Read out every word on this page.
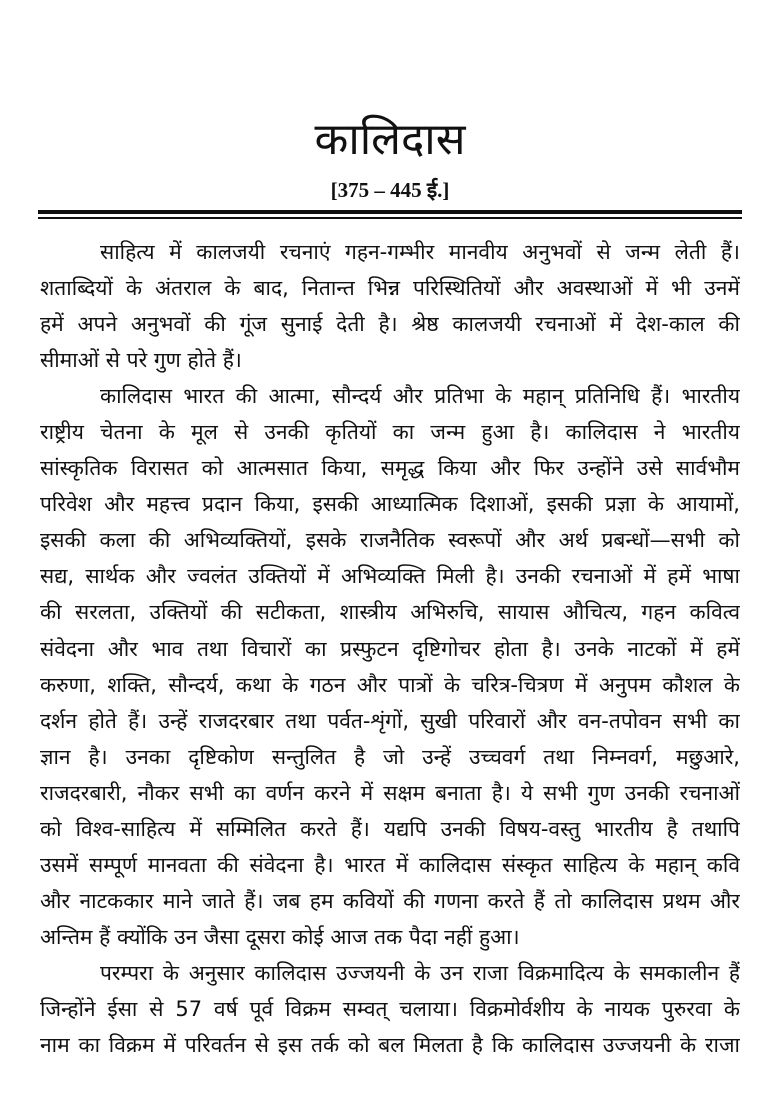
कालिदास
[375 – 445 ई.]
साहित्य में कालजयी रचनाएं गहन-गम्भीर मानवीय अनुभवों से जन्म लेती हैं।
शताब्दियों के अंतराल के बाद, नितान्त भिन्न परिस्थितियों और अवस्थाओं में भी उनमें
हमें अपने अनुभवों की गूंज सुनाई देती है। श्रेष्ठ कालजयी रचनाओं में देश-काल की
सीमाओं से परे गुण होते हैं।
कालिदास भारत की आत्मा, सौन्दर्य और प्रतिभा के महान् प्रतिनिधि हैं। भारतीय
राष्ट्रीय चेतना के मूल से उनकी कृतियों का जन्म हुआ है। कालिदास ने भारतीय
सांस्कृतिक विरासत को आत्मसात किया, समृद्ध किया और फिर उन्होंने उसे सार्वभौम
परिवेश और महत्त्व प्रदान किया, इसकी आध्यात्मिक दिशाओं, इसकी प्रज्ञा के आयामों,
इसकी कला की अभिव्यक्तियों, इसके राजनैतिक स्वरूपों और अर्थ प्रबन्धों—सभी को
सद्य, सार्थक और ज्वलंत उक्तियों में अभिव्यक्ति मिली है। उनकी रचनाओं में हमें भाषा
की सरलता, उक्तियों की सटीकता, शास्त्रीय अभिरुचि, सायास औचित्य, गहन कवित्व
संवेदना और भाव तथा विचारों का प्रस्फुटन दृष्टिगोचर होता है। उनके नाटकों में हमें
करुणा, शक्ति, सौन्दर्य, कथा के गठन और पात्रों के चरित्र-चित्रण में अनुपम कौशल के
दर्शन होते हैं। उन्हें राजदरबार तथा पर्वत-शृंगों, सुखी परिवारों और वन-तपोवन सभी का
ज्ञान है। उनका दृष्टिकोण सन्तुलित है जो उन्हें उच्चवर्ग तथा निम्नवर्ग, मछुआरे,
राजदरबारी, नौकर सभी का वर्णन करने में सक्षम बनाता है। ये सभी गुण उनकी रचनाओं
को विश्व-साहित्य में सम्मिलित करते हैं। यद्यपि उनकी विषय-वस्तु भारतीय है तथापि
उसमें सम्पूर्ण मानवता की संवेदना है। भारत में कालिदास संस्कृत साहित्य के महान् कवि
और नाटककार माने जाते हैं। जब हम कवियों की गणना करते हैं तो कालिदास प्रथम और
अन्तिम हैं क्योंकि उन जैसा दूसरा कोई आज तक पैदा नहीं हुआ।
परम्परा के अनुसार कालिदास उज्जयनी के उन राजा विक्रमादित्य के समकालीन हैं
जिन्होंने ईसा से 57 वर्ष पूर्व विक्रम सम्वत् चलाया। विक्रमोर्वशीय के नायक पुरुरवा के
नाम का विक्रम में परिवर्तन से इस तर्क को बल मिलता है कि कालिदास उज्जयनी के राजा
